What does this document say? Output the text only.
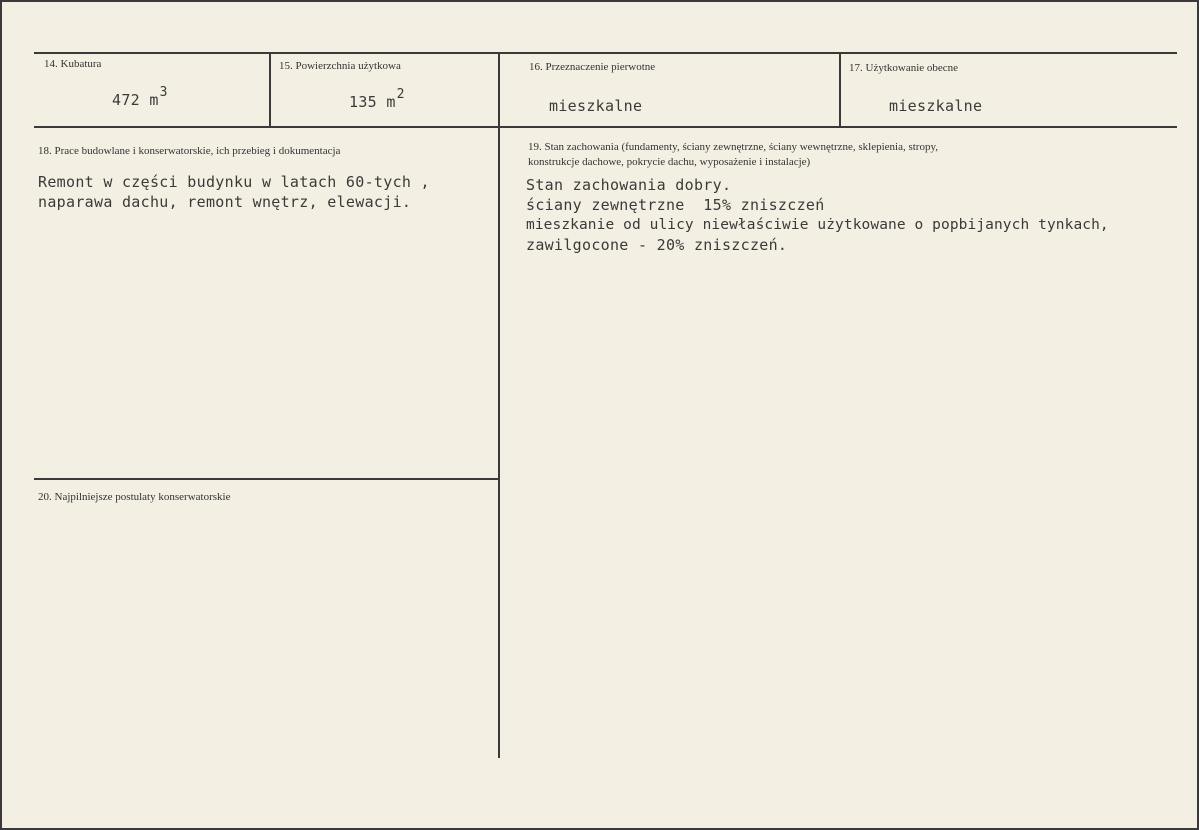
14. Kubatura
472 m3
15. Powierzchnia użytkowa
135 m2
16. Przeznaczenie pierwotne
mieszkalne
17. Użytkowanie obecne
mieszkalne
18. Prace budowlane i konserwatorskie, ich przebieg i dokumentacja
Remont w części budynku w latach 60-tych ,
naparawa dachu, remont wnętrz, elewacji.
19. Stan zachowania (fundamenty, ściany zewnętrzne, ściany wewnętrzne, sklepienia, stropy,
konstrukcje dachowe, pokrycie dachu, wyposażenie i instalacje)
Stan zachowania dobry.
ściany zewnętrzne  15% zniszczeń
mieszkanie od ulicy niewłaściwie użytkowane o popbijanych tynkach,
zawilgocone - 20% zniszczeń.
20. Najpilniejsze postulaty konserwatorskie
